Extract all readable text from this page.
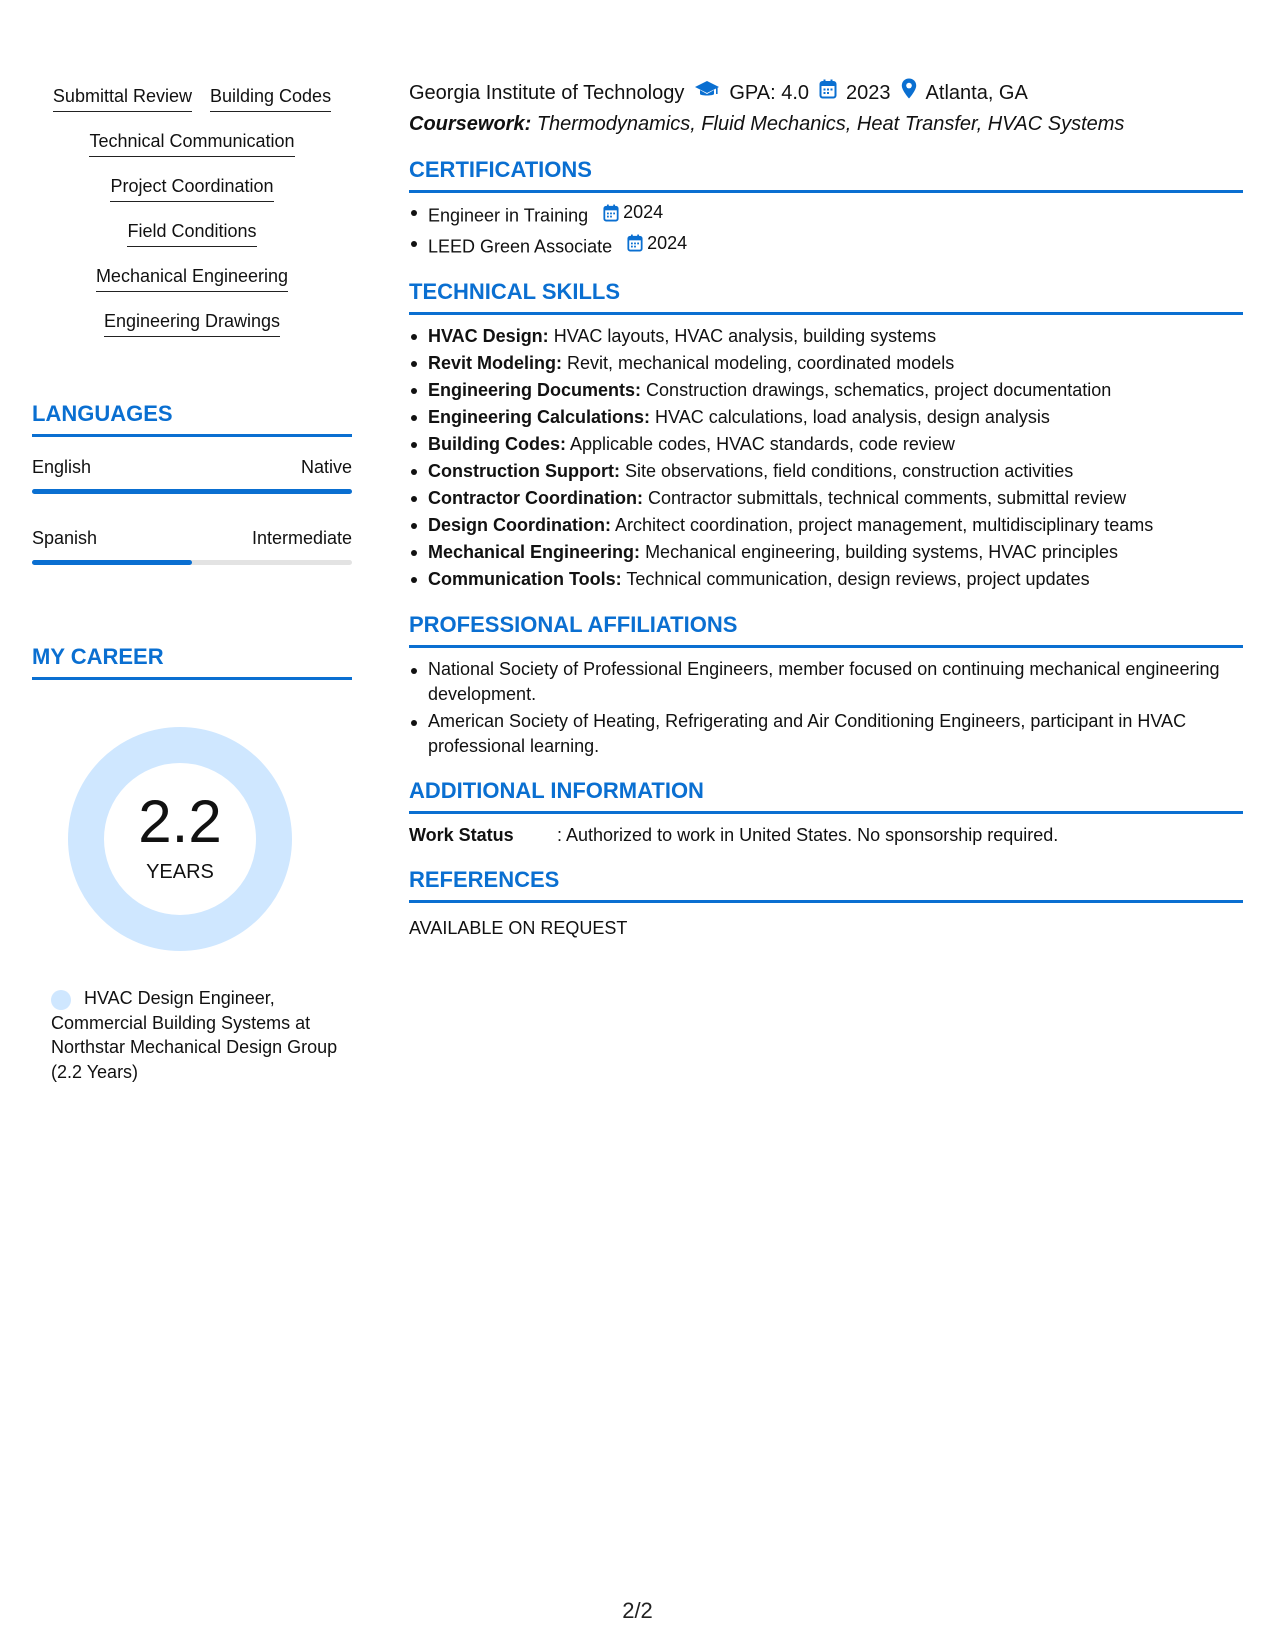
Submittal Review Building Codes
Technical Communication
Project Coordination
Field Conditions
Mechanical Engineering
Engineering Drawings
LANGUAGES
English	Native
Spanish	Intermediate
MY CAREER
2.2
YEARS
HVAC Design Engineer, Commercial Building Systems at Northstar Mechanical Design Group (2.2 Years)
Georgia Institute of Technology GPA: 4.0 2023 Atlanta, GA
Coursework: Thermodynamics, Fluid Mechanics, Heat Transfer, HVAC Systems
CERTIFICATIONS
Engineer in Training 2024
LEED Green Associate 2024
TECHNICAL SKILLS
HVAC Design: HVAC layouts, HVAC analysis, building systems
Revit Modeling: Revit, mechanical modeling, coordinated models
Engineering Documents: Construction drawings, schematics, project documentation
Engineering Calculations: HVAC calculations, load analysis, design analysis
Building Codes: Applicable codes, HVAC standards, code review
Construction Support: Site observations, field conditions, construction activities
Contractor Coordination: Contractor submittals, technical comments, submittal review
Design Coordination: Architect coordination, project management, multidisciplinary teams
Mechanical Engineering: Mechanical engineering, building systems, HVAC principles
Communication Tools: Technical communication, design reviews, project updates
PROFESSIONAL AFFILIATIONS
National Society of Professional Engineers, member focused on continuing mechanical engineering development.
American Society of Heating, Refrigerating and Air Conditioning Engineers, participant in HVAC professional learning.
ADDITIONAL INFORMATION
Work Status	: Authorized to work in United States. No sponsorship required.
REFERENCES
AVAILABLE ON REQUEST
2/2
